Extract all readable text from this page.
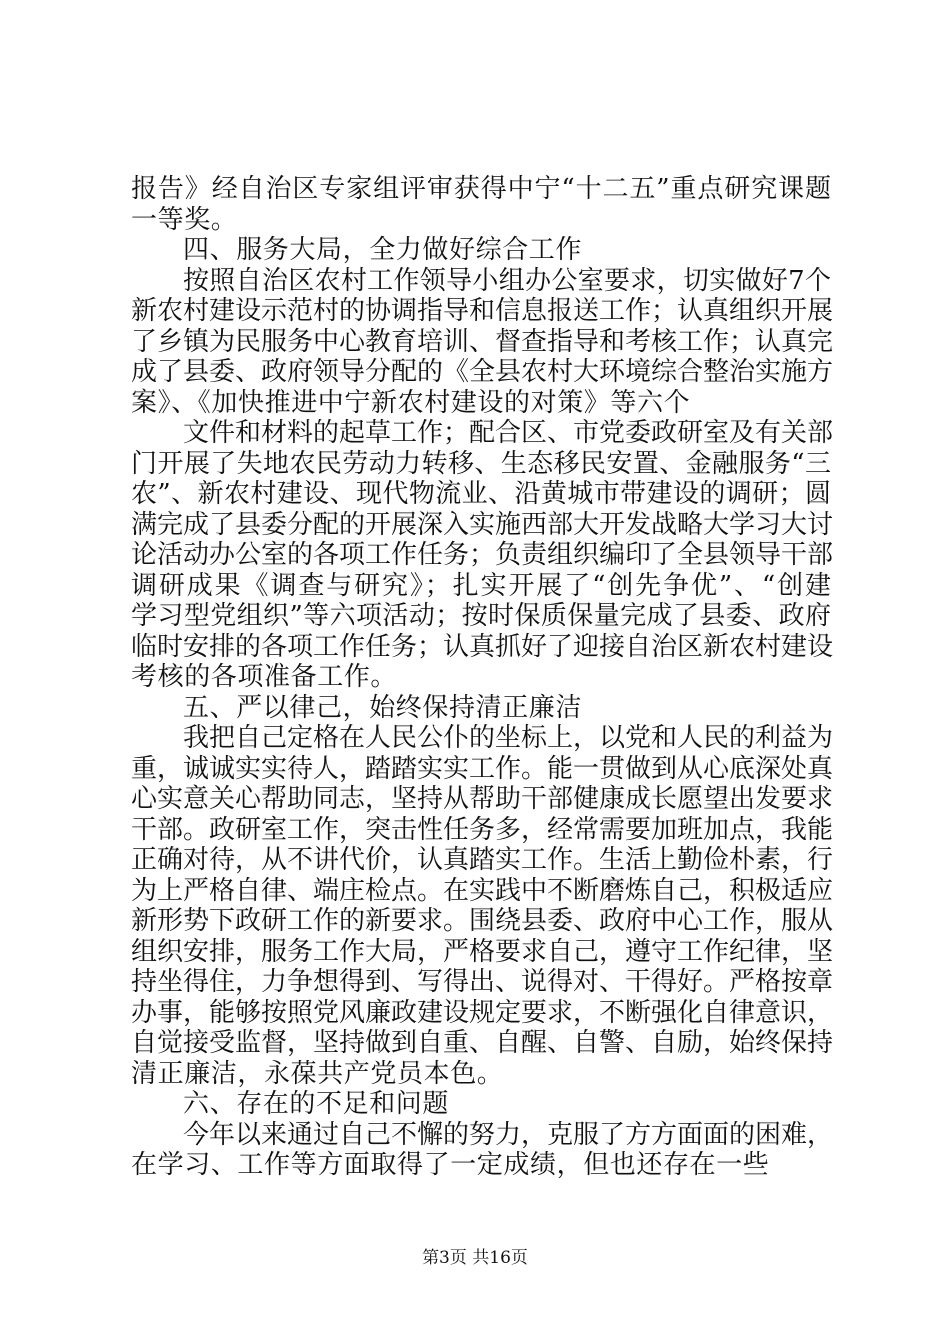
报告》经自治区专家组评审获得中宁“十二五”重点研究课题
一等奖。
四、服务大局，全力做好综合工作
按照自治区农村工作领导小组办公室要求，切实做好7个
新农村建设示范村的协调指导和信息报送工作；认真组织开展
了乡镇为民服务中心教育培训、督查指导和考核工作；认真完
成了县委、政府领导分配的《全县农村大环境综合整治实施方
案》、《加快推进中宁新农村建设的对策》等六个
文件和材料的起草工作；配合区、市党委政研室及有关部
门开展了失地农民劳动力转移、生态移民安置、金融服务“三
农”、新农村建设、现代物流业、沿黄城市带建设的调研；圆
满完成了县委分配的开展深入实施西部大开发战略大学习大讨
论活动办公室的各项工作任务；负责组织编印了全县领导干部
调研成果《调查与研究》；扎实开展了“创先争优”、“创建
学习型党组织”等六项活动；按时保质保量完成了县委、政府
临时安排的各项工作任务；认真抓好了迎接自治区新农村建设
考核的各项准备工作。
五、严以律己，始终保持清正廉洁
我把自己定格在人民公仆的坐标上，以党和人民的利益为
重，诚诚实实待人，踏踏实实工作。能一贯做到从心底深处真
心实意关心帮助同志，坚持从帮助干部健康成长愿望出发要求
干部。政研室工作，突击性任务多，经常需要加班加点，我能
正确对待，从不讲代价，认真踏实工作。生活上勤俭朴素，行
为上严格自律、端庄检点。在实践中不断磨炼自己，积极适应
新形势下政研工作的新要求。围绕县委、政府中心工作，服从
组织安排，服务工作大局，严格要求自己，遵守工作纪律，坚
持坐得住，力争想得到、写得出、说得对、干得好。严格按章
办事，能够按照党风廉政建设规定要求，不断强化自律意识，
自觉接受监督，坚持做到自重、自醒、自警、自励，始终保持
清正廉洁，永葆共产党员本色。
六、存在的不足和问题
今年以来通过自己不懈的努力，克服了方方面面的困难，
在学习、工作等方面取得了一定成绩，但也还存在一些
第3页 共16页
